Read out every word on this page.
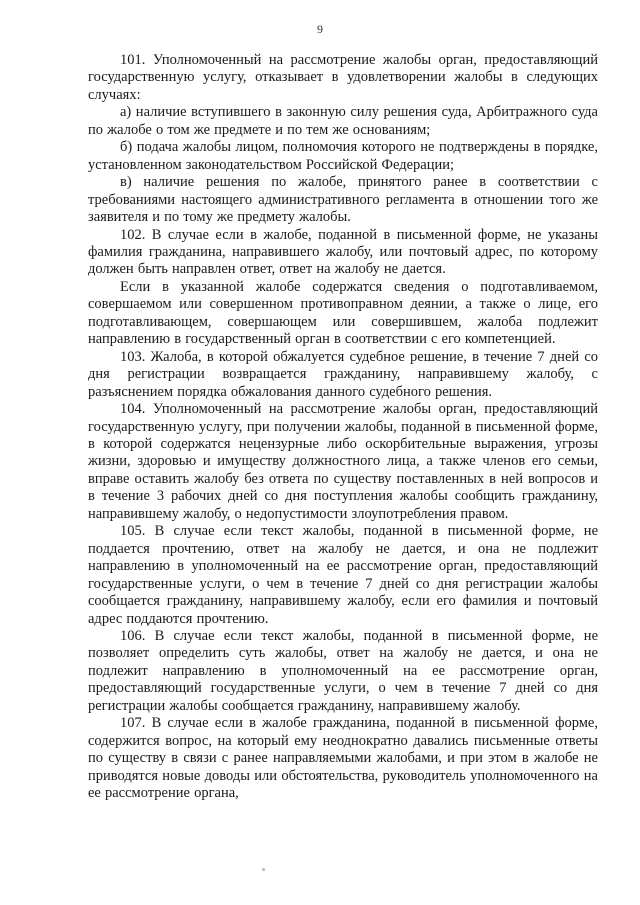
9

101. Уполномоченный на рассмотрение жалобы орган, предоставляющий государственную услугу, отказывает в удовлетворении жалобы в следующих случаях:

а) наличие вступившего в законную силу решения суда, Арбитражного суда по жалобе о том же предмете и по тем же основаниям;

б) подача жалобы лицом, полномочия которого не подтверждены в порядке, установленном законодательством Российской Федерации;

в) наличие решения по жалобе, принятого ранее в соответствии с требованиями настоящего административного регламента в отношении того же заявителя и по тому же предмету жалобы.

102. В случае если в жалобе, поданной в письменной форме, не указаны фамилия гражданина, направившего жалобу, или почтовый адрес, по которому должен быть направлен ответ, ответ на жалобу не дается.

Если в указанной жалобе содержатся сведения о подготавливаемом, совершаемом или совершенном противоправном деянии, а также о лице, его подготавливающем, совершающем или совершившем, жалоба подлежит направлению в государственный орган в соответствии с его компетенцией.

103. Жалоба, в которой обжалуется судебное решение, в течение 7 дней со дня регистрации возвращается гражданину, направившему жалобу, с разъяснением порядка обжалования данного судебного решения.

104. Уполномоченный на рассмотрение жалобы орган, предоставляющий государственную услугу, при получении жалобы, поданной в письменной форме, в которой содержатся нецензурные либо оскорбительные выражения, угрозы жизни, здоровью и имуществу должностного лица, а также членов его семьи, вправе оставить жалобу без ответа по существу поставленных в ней вопросов и в течение 3 рабочих дней со дня поступления жалобы сообщить гражданину, направившему жалобу, о недопустимости злоупотребления правом.

105. В случае если текст жалобы, поданной в письменной форме, не поддается прочтению, ответ на жалобу не дается, и она не подлежит направлению в уполномоченный на ее рассмотрение орган, предоставляющий государственные услуги, о чем в течение 7 дней со дня регистрации жалобы сообщается гражданину, направившему жалобу, если его фамилия и почтовый адрес поддаются прочтению.

106. В случае если текст жалобы, поданной в письменной форме, не позволяет определить суть жалобы, ответ на жалобу не дается, и она не подлежит направлению в уполномоченный на ее рассмотрение орган, предоставляющий государственные услуги, о чем в течение 7 дней со дня регистрации жалобы сообщается гражданину, направившему жалобу.

107. В случае если в жалобе гражданина, поданной в письменной форме, содержится вопрос, на который ему неоднократно давались письменные ответы по существу в связи с ранее направляемыми жалобами, и при этом в жалобе не приводятся новые доводы или обстоятельства, руководитель уполномоченного на ее рассмотрение органа,
